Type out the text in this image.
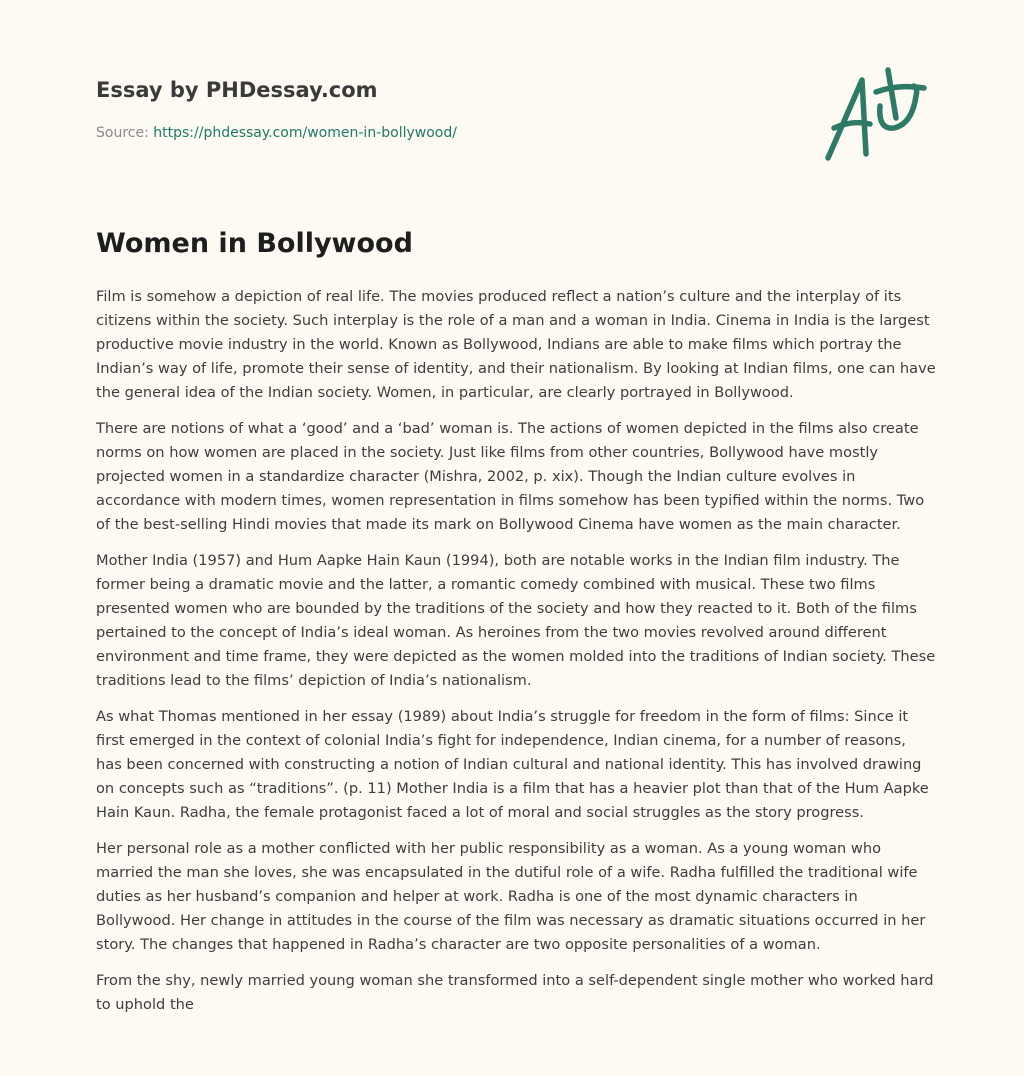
Essay by PHDessay.com
Source: https://phdessay.com/women-in-bollywood/
Women in Bollywood

Film is somehow a depiction of real life. The movies produced reflect a nation’s culture and the interplay of its citizens within the society. Such interplay is the role of a man and a woman in India. Cinema in India is the largest productive movie industry in the world. Known as Bollywood, Indians are able to make films which portray the Indian’s way of life, promote their sense of identity, and their nationalism. By looking at Indian films, one can have the general idea of the Indian society. Women, in particular, are clearly portrayed in Bollywood.

There are notions of what a ‘good’ and a ‘bad’ woman is. The actions of women depicted in the films also create norms on how women are placed in the society. Just like films from other countries, Bollywood have mostly projected women in a standardize character (Mishra, 2002, p. xix). Though the Indian culture evolves in accordance with modern times, women representation in films somehow has been typified within the norms. Two of the best-selling Hindi movies that made its mark on Bollywood Cinema have women as the main character.

Mother India (1957) and Hum Aapke Hain Kaun (1994), both are notable works in the Indian film industry. The former being a dramatic movie and the latter, a romantic comedy combined with musical. These two films presented women who are bounded by the traditions of the society and how they reacted to it. Both of the films pertained to the concept of India’s ideal woman. As heroines from the two movies revolved around different environment and time frame, they were depicted as the women molded into the traditions of Indian society. These traditions lead to the films’ depiction of India’s nationalism.

As what Thomas mentioned in her essay (1989) about India’s struggle for freedom in the form of films: Since it first emerged in the context of colonial India’s fight for independence, Indian cinema, for a number of reasons, has been concerned with constructing a notion of Indian cultural and national identity. This has involved drawing on concepts such as “traditions”. (p. 11) Mother India is a film that has a heavier plot than that of the Hum Aapke Hain Kaun. Radha, the female protagonist faced a lot of moral and social struggles as the story progress.

Her personal role as a mother conflicted with her public responsibility as a woman. As a young woman who married the man she loves, she was encapsulated in the dutiful role of a wife. Radha fulfilled the traditional wife duties as her husband’s companion and helper at work. Radha is one of the most dynamic characters in Bollywood. Her change in attitudes in the course of the film was necessary as dramatic situations occurred in her story. The changes that happened in Radha’s character are two opposite personalities of a woman.

From the shy, newly married young woman she transformed into a self-dependent single mother who worked hard to uphold the
